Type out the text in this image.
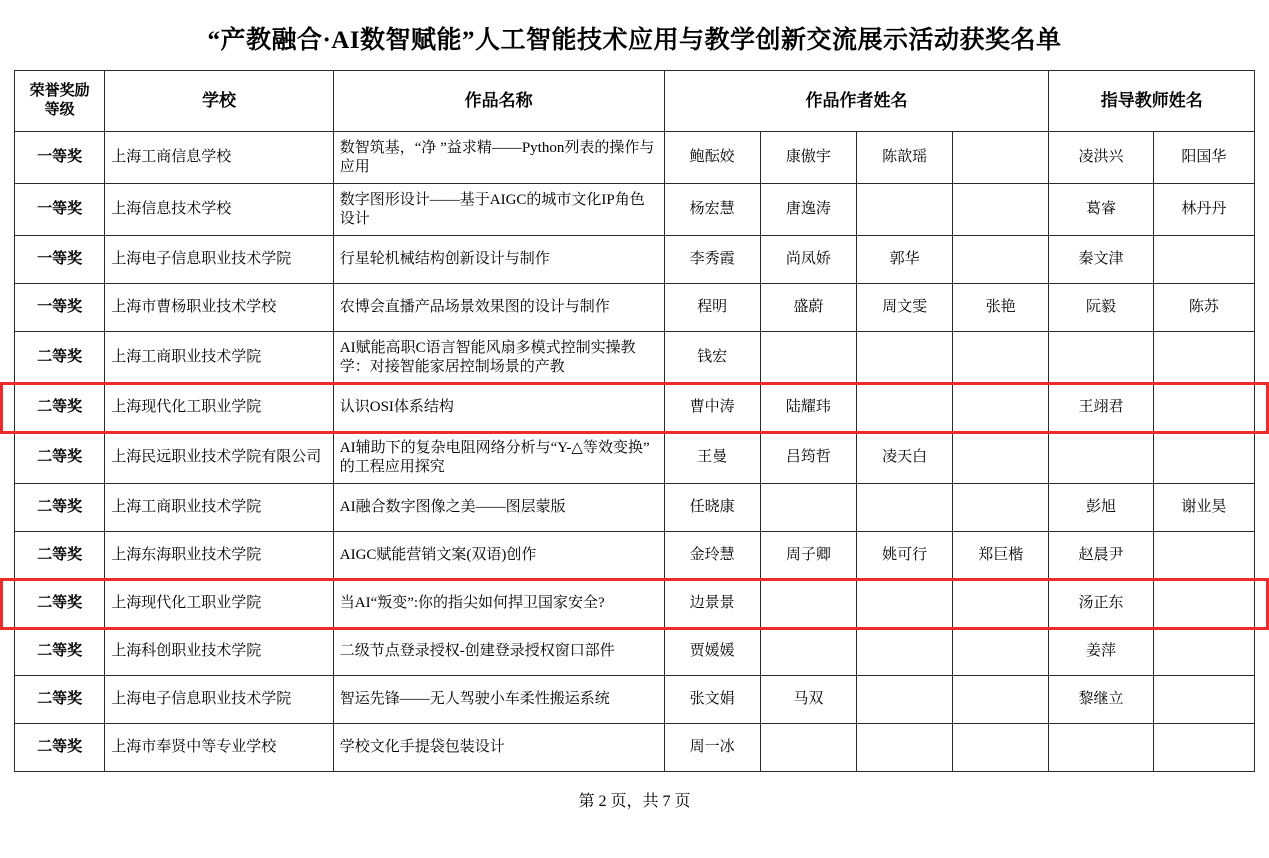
“产教融合·AI数智赋能”人工智能技术应用与教学创新交流展示活动获奖名单
荣誉奖励
等级	学校	作品名称	作品作者姓名				指导教师姓名	
一等奖	上海工商信息学校	数智筑基，“净 ”益求精——Python列表的操作与应用	鲍酝姣	康傲宇	陈歆瑶		凌洪兴	阳国华
一等奖	上海信息技术学校	数字图形设计——基于AIGC的城市文化IP角色设计	杨宏慧	唐逸涛			葛睿	林丹丹
一等奖	上海电子信息职业技术学院	行星轮机械结构创新设计与制作	李秀霞	尚凤娇	郭华		秦文津	
一等奖	上海市曹杨职业技术学校	农博会直播产品场景效果图的设计与制作	程明	盛蔚	周文雯	张艳	阮毅	陈苏
二等奖	上海工商职业技术学院	AI赋能高职C语言智能风扇多模式控制实操教学：对接智能家居控制场景的产教	钱宏					
二等奖	上海现代化工职业学院	认识OSI体系结构	曹中涛	陆耀玮			王翊君	
二等奖	上海民远职业技术学院有限公司	AI辅助下的复杂电阻网络分析与“Y-△等效变换”的工程应用探究	王曼	吕筠哲	凌天白			
二等奖	上海工商职业技术学院	AI融合数字图像之美——图层蒙版	任晓康				彭旭	谢业昊
二等奖	上海东海职业技术学院	AIGC赋能营销文案(双语)创作	金玲慧	周子卿	姚可行	郑巨楷	赵晨尹	
二等奖	上海现代化工职业学院	当AI“叛变”:你的指尖如何捍卫国家安全?	边景景				汤正东	
二等奖	上海科创职业技术学院	二级节点登录授权-创建登录授权窗口部件	贾媛媛				姜萍	
二等奖	上海电子信息职业技术学院	智运先锋——无人驾驶小车柔性搬运系统	张文娟	马双			黎继立	
二等奖	上海市奉贤中等专业学校	学校文化手提袋包装设计	周一冰					
第 2 页，共 7 页
